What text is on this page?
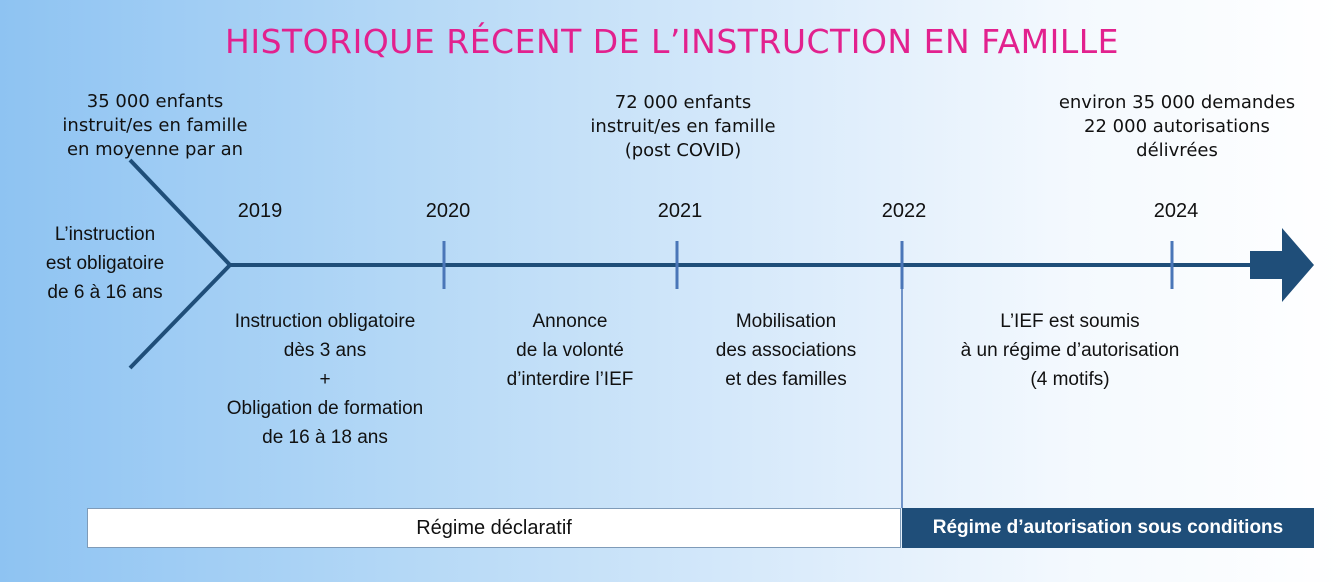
HISTORIQUE RÉCENT DE L’INSTRUCTION EN FAMILLE
35 000 enfants
instruit/es en famille
en moyenne par an
72 000 enfants
instruit/es en famille
(post COVID)
environ 35 000 demandes
22 000 autorisations
délivrées
L’instruction
est obligatoire
de 6 à 16 ans
2019	2020	2021	2022	2024
Instruction obligatoire
dès 3 ans
+
Obligation de formation
de 16 à 18 ans
Annonce
de la volonté
d’interdire l’IEF
Mobilisation
des associations
et des familles
L’IEF est soumis
à un régime d’autorisation
(4 motifs)
Régime déclaratif	Régime d’autorisation sous conditions
